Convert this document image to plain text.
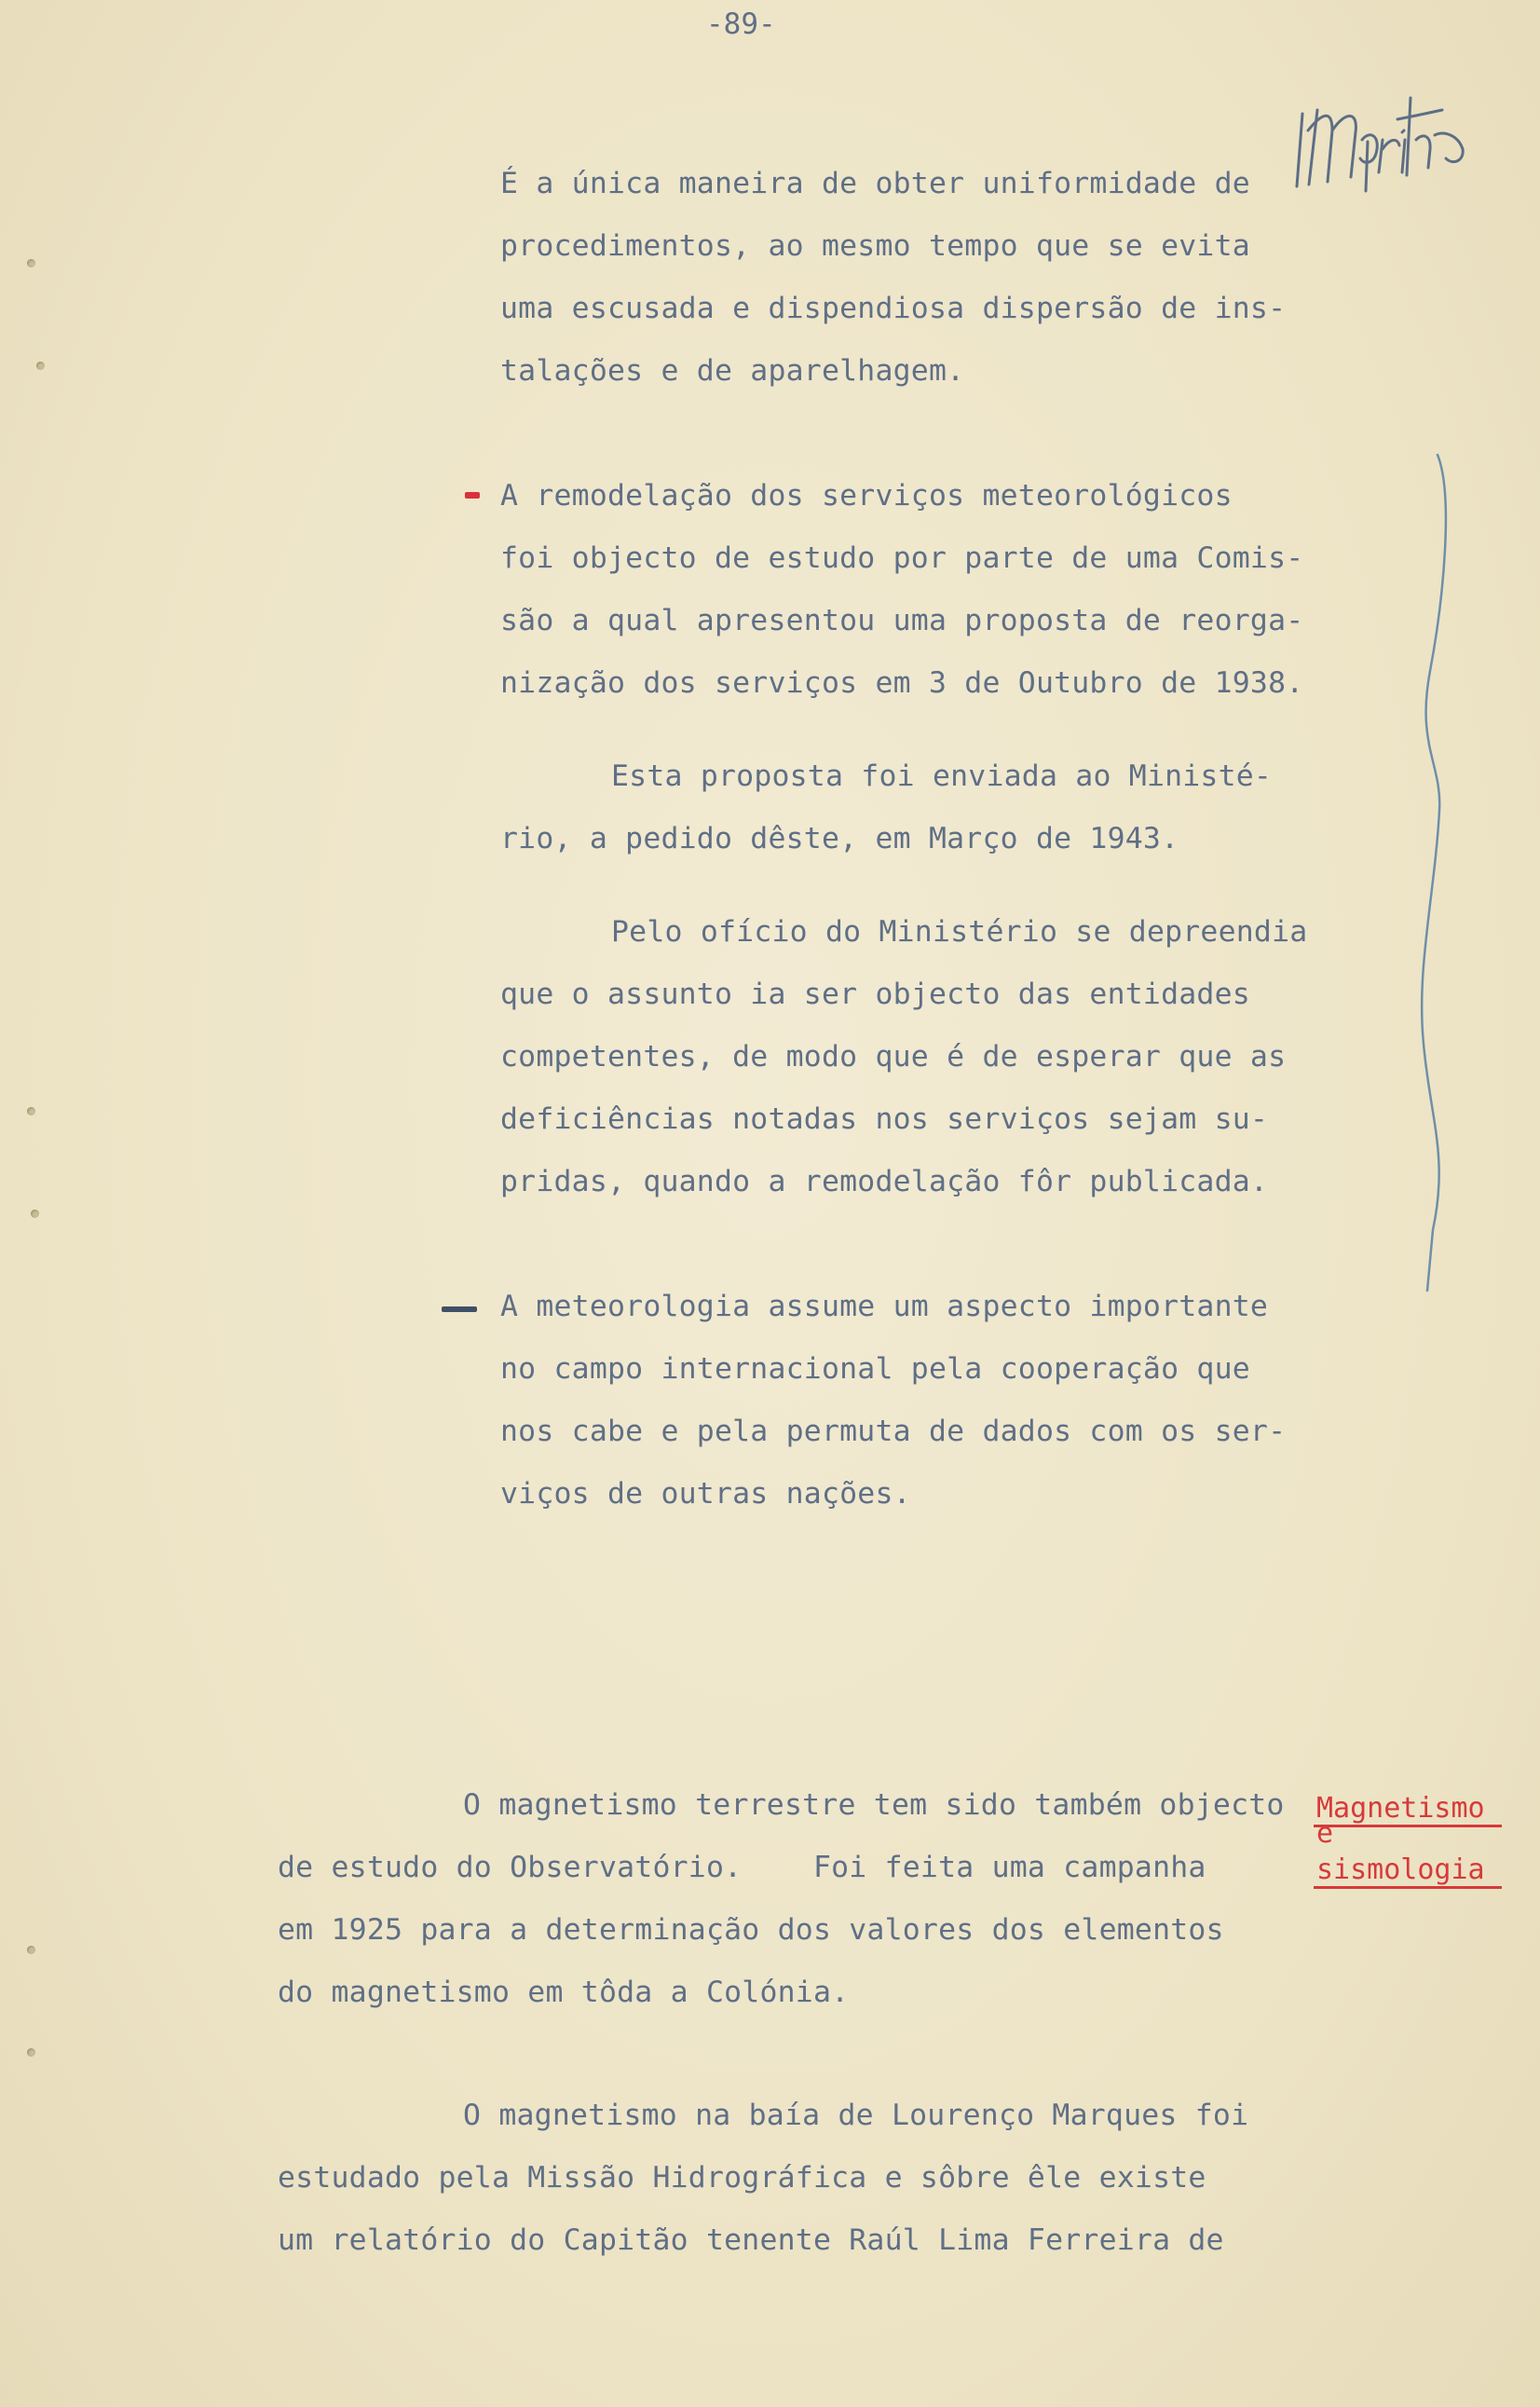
-89-
É a única maneira de obter uniformidade de
procedimentos, ao mesmo tempo que se evita
uma escusada e dispendiosa dispersão de ins-
talações e de aparelhagem.
A remodelação dos serviços meteorológicos
foi objecto de estudo por parte de uma Comis-
são a qual apresentou uma proposta de reorga-
nização dos serviços em 3 de Outubro de 1938.
Esta proposta foi enviada ao Ministé-
rio, a pedido dêste, em Março de 1943.
Pelo ofício do Ministério se depreendia
que o assunto ia ser objecto das entidades
competentes, de modo que é de esperar que as
deficiências notadas nos serviços sejam su-
pridas, quando a remodelação fôr publicada.
A meteorologia assume um aspecto importante
no campo internacional pela cooperação que
nos cabe e pela permuta de dados com os ser-
viços de outras nações.
O magnetismo terrestre tem sido também objecto
de estudo do Observatório.    Foi feita uma campanha
em 1925 para a determinação dos valores dos elementos
do magnetismo em tôda a Colónia.
Magnetismo
e
sismologia
O magnetismo na baía de Lourenço Marques foi
estudado pela Missão Hidrográfica e sôbre êle existe
um relatório do Capitão tenente Raúl Lima Ferreira de
